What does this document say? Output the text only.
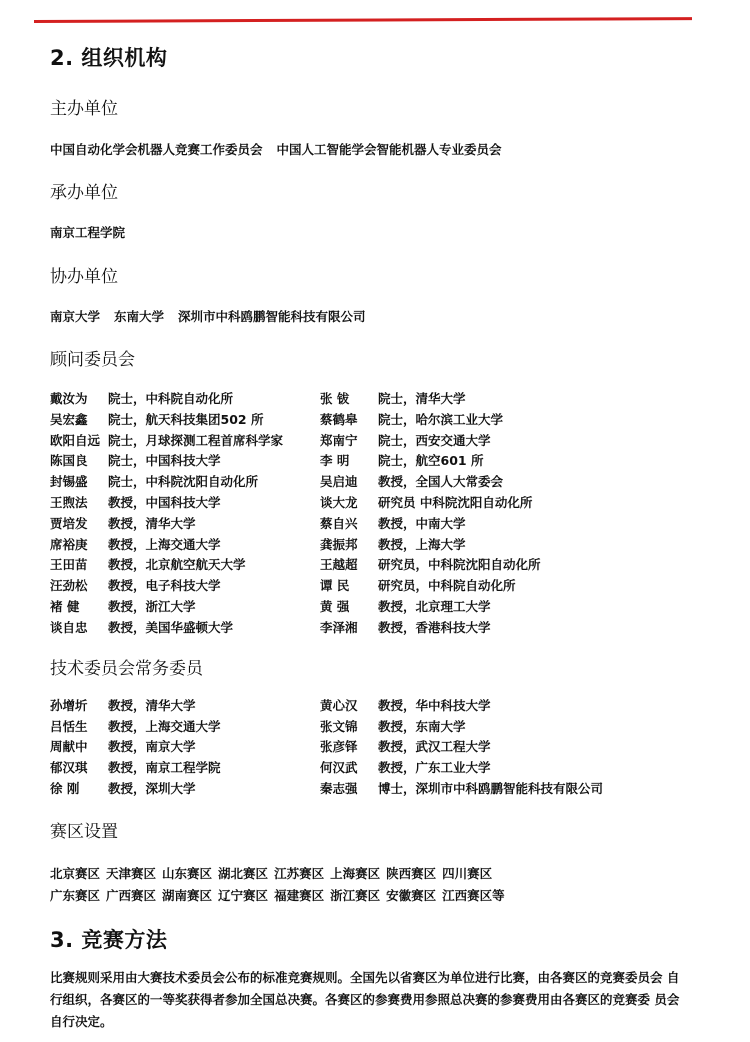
2. 组织机构
主办单位
中国自动化学会机器人竞赛工作委员会 中国人工智能学会智能机器人专业委员会
承办单位
南京工程学院
协办单位
南京大学 东南大学 深圳市中科鸥鹏智能科技有限公司
顾问委员会
戴汝为	院士，中科院自动化所	张 钹	院士，清华大学
吴宏鑫	院士，航天科技集团502 所	蔡鹤皋	院士，哈尔滨工业大学
欧阳自远 院士，月球探测工程首席科学家	郑南宁	院士，西安交通大学
陈国良	院士，中国科技大学	李 明	院士，航空601 所
封锡盛	院士，中科院沈阳自动化所	吴启迪	教授，全国人大常委会
王煦法	教授，中国科技大学	谈大龙	研究员 中科院沈阳自动化所
贾培发	教授，清华大学	蔡自兴	教授，中南大学
席裕庚	教授，上海交通大学	龚振邦	教授，上海大学
王田苗	教授，北京航空航天大学	王越超	研究员，中科院沈阳自动化所
汪劲松	教授，电子科技大学	谭 民	研究员，中科院自动化所
褚 健	教授，浙江大学	黄 强	教授，北京理工大学
谈自忠	教授，美国华盛顿大学	李泽湘	教授，香港科技大学
技术委员会常务委员
孙增圻	教授，清华大学	黄心汉	教授，华中科技大学
吕恬生	教授，上海交通大学	张文锦	教授，东南大学
周献中	教授，南京大学	张彦铎	教授，武汉工程大学
郁汉琪	教授，南京工程学院	何汉武	教授，广东工业大学
徐 刚	教授，深圳大学	秦志强	博士，深圳市中科鸥鹏智能科技有限公司
赛区设置
北京赛区 天津赛区 山东赛区 湖北赛区 江苏赛区 上海赛区 陕西赛区 四川赛区
广东赛区 广西赛区 湖南赛区 辽宁赛区 福建赛区 浙江赛区 安徽赛区 江西赛区等
3. 竞赛方法
比赛规则采用由大赛技术委员会公布的标准竞赛规则。全国先以省赛区为单位进行比赛，由各赛区的竞赛委员会 自行组织，各赛区的一等奖获得者参加全国总决赛。各赛区的参赛费用参照总决赛的参赛费用由各赛区的竞赛委 员会自行决定。
